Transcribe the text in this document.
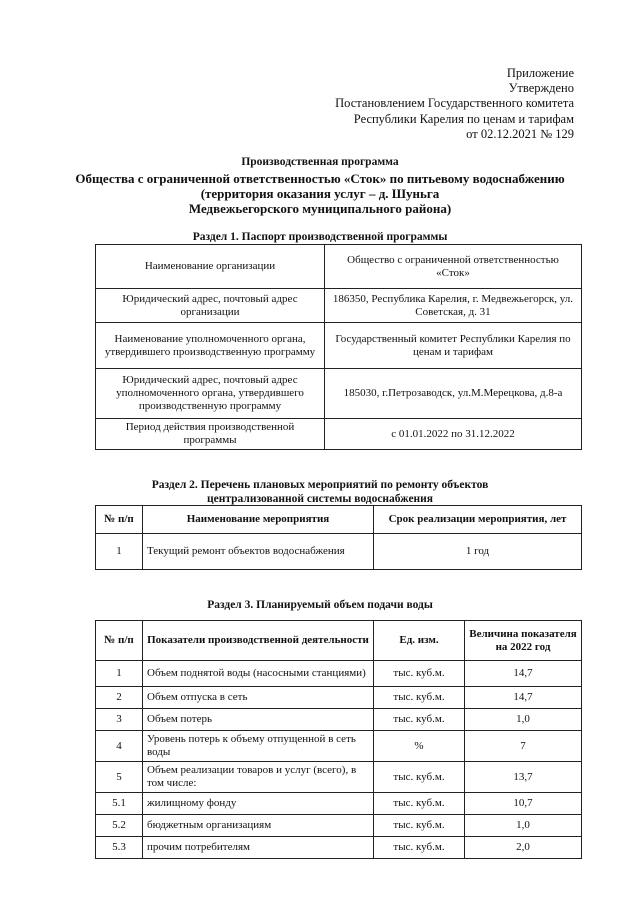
Приложение
Утверждено
Постановлением Государственного комитета
Республики Карелия по ценам и тарифам
от 02.12.2021 № 129
Производственная программа
Общества с ограниченной ответственностью «Сток» по питьевому водоснабжению
(территория оказания услуг – д. Шуньга
Медвежьегорского муниципального района)
Раздел 1. Паспорт производственной программы
Наименование организации	Общество с ограниченной ответственностью «Сток»
Юридический адрес, почтовый адрес организации	186350, Республика Карелия, г. Медвежьегорск, ул. Советская, д. 31
Наименование уполномоченного органа, утвердившего производственную программу	Государственный комитет Республики Карелия по ценам и тарифам
Юридический адрес, почтовый адрес уполномоченного органа, утвердившего производственную программу	185030, г.Петрозаводск, ул.М.Мерецкова, д.8-а
Период действия производственной программы	с 01.01.2022 по 31.12.2022
Раздел 2. Перечень плановых мероприятий по ремонту объектов
централизованной системы водоснабжения
№ п/п	Наименование мероприятия	Срок реализации мероприятия, лет
1	Текущий ремонт объектов водоснабжения	1 год
Раздел 3. Планируемый объем подачи воды
№ п/п	Показатели производственной деятельности	Ед. изм.	Величина показателя на 2022 год
1	Объем поднятой воды (насосными станциями)	тыс. куб.м.	14,7
2	Объем отпуска в сеть	тыс. куб.м.	14,7
3	Объем потерь	тыс. куб.м.	1,0
4	Уровень потерь к объему отпущенной в сеть воды	%	7
5	Объем реализации товаров и услуг (всего), в том числе:	тыс. куб.м.	13,7
5.1	жилищному фонду	тыс. куб.м.	10,7
5.2	бюджетным организациям	тыс. куб.м.	1,0
5.3	прочим потребителям	тыс. куб.м.	2,0
